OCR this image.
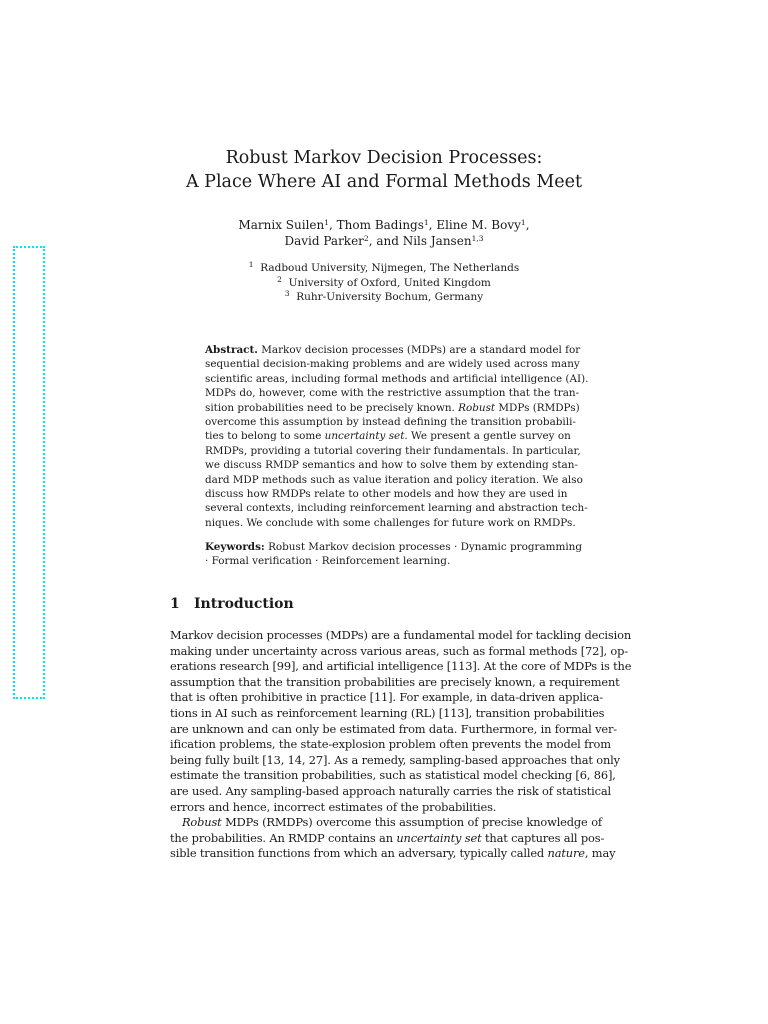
Robust Markov Decision Processes:
A Place Where AI and Formal Methods Meet
Marnix Suilen$^1$, Thom Badings$^1$, Eline M. Bovy$^1$,
David Parker$^2$, and Nils Jansen$^{1,3}$
$^1$ Radboud University, Nijmegen, The Netherlands
$^2$ University of Oxford, United Kingdom
$^3$ Ruhr-University Bochum, Germany
Abstract. Markov decision processes (MDPs) are a standard model for
sequential decision-making problems and are widely used across many
scientific areas, including formal methods and artificial intelligence (AI).
MDPs do, however, come with the restrictive assumption that the tran-
sition probabilities need to be precisely known. Robust MDPs (RMDPs)
overcome this assumption by instead defining the transition probabili-
ties to belong to some uncertainty set. We present a gentle survey on
RMDPs, providing a tutorial covering their fundamentals. In particular,
we discuss RMDP semantics and how to solve them by extending stan-
dard MDP methods such as value iteration and policy iteration. We also
discuss how RMDPs relate to other models and how they are used in
several contexts, including reinforcement learning and abstraction tech-
niques. We conclude with some challenges for future work on RMDPs.
Keywords: Robust Markov decision processes · Dynamic programming
· Formal verification · Reinforcement learning.
1 Introduction
Markov decision processes (MDPs) are a fundamental model for tackling decision
making under uncertainty across various areas, such as formal methods [72], op-
erations research [99], and artificial intelligence [113]. At the core of MDPs is the
assumption that the transition probabilities are precisely known, a requirement
that is often prohibitive in practice [11]. For example, in data-driven applica-
tions in AI such as reinforcement learning (RL) [113], transition probabilities
are unknown and can only be estimated from data. Furthermore, in formal ver-
ification problems, the state-explosion problem often prevents the model from
being fully built [13, 14, 27]. As a remedy, sampling-based approaches that only
estimate the transition probabilities, such as statistical model checking [6, 86],
are used. Any sampling-based approach naturally carries the risk of statistical
errors and hence, incorrect estimates of the probabilities.
Robust MDPs (RMDPs) overcome this assumption of precise knowledge of
the probabilities. An RMDP contains an uncertainty set that captures all pos-
sible transition functions from which an adversary, typically called nature, may
